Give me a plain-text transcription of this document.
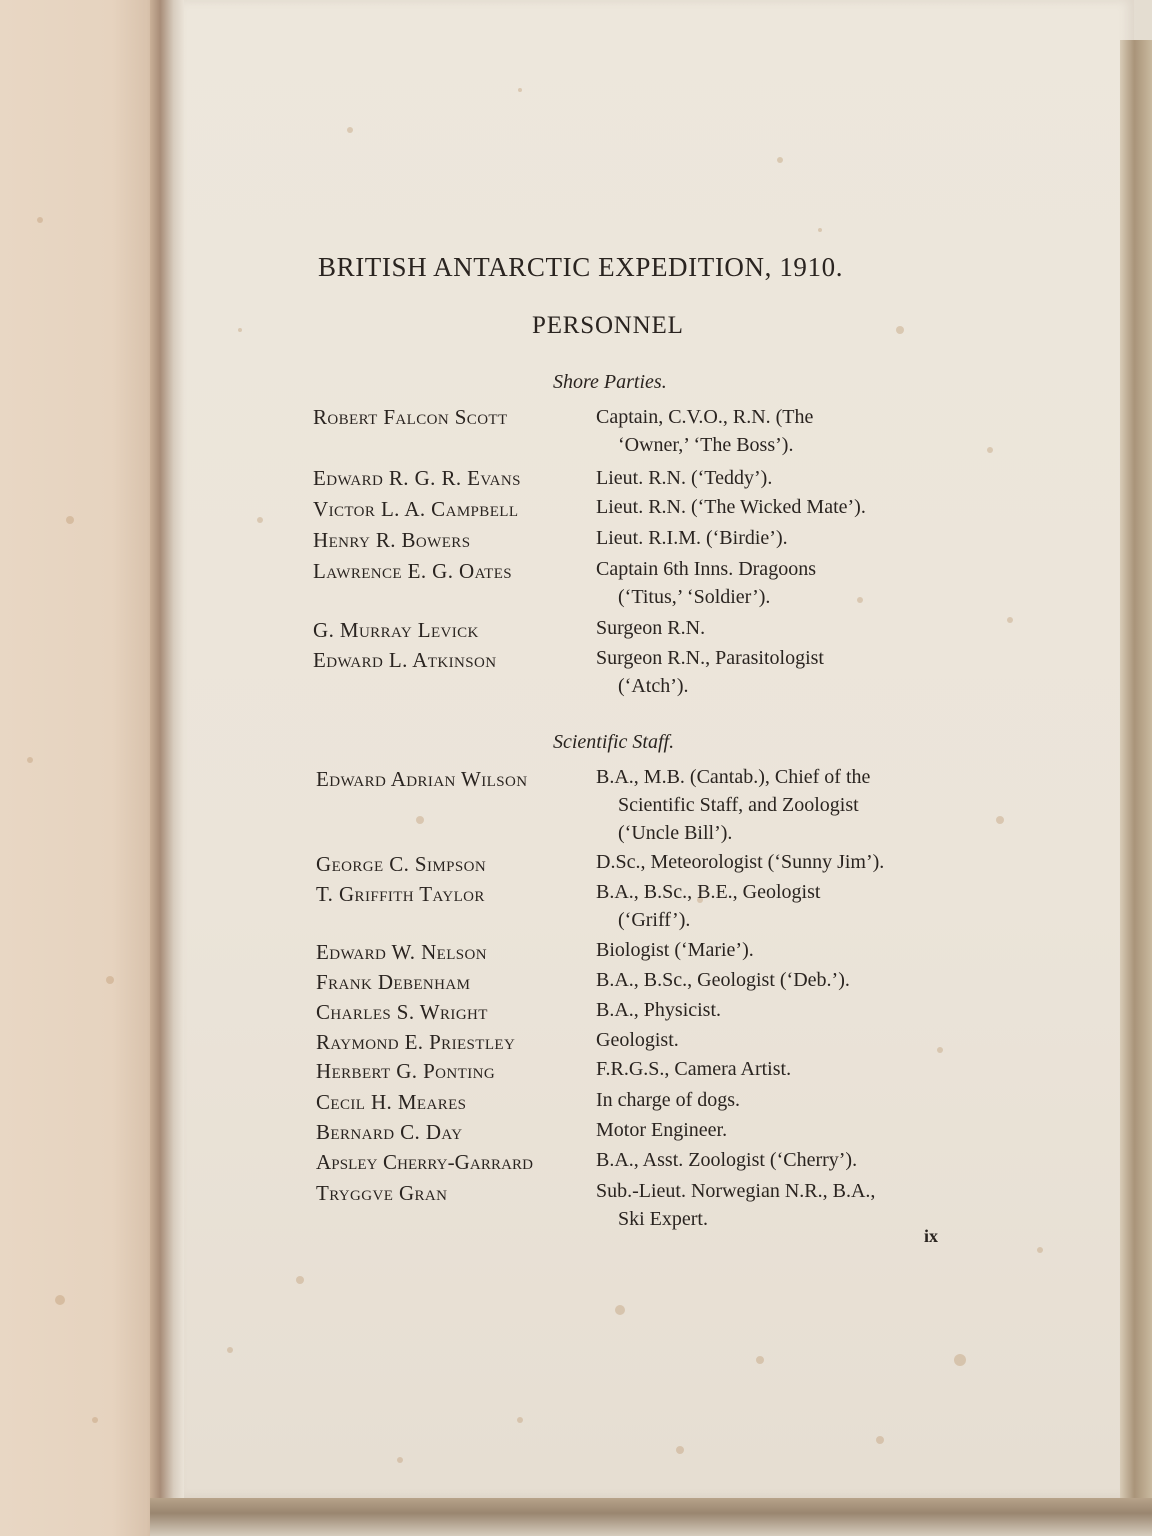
BRITISH ANTARCTIC EXPEDITION, 1910.
PERSONNEL
Shore Parties.
Robert Falcon Scott	Captain, C.V.O., R.N. (The
‘Owner,’ ‘The Boss’).
Edward R. G. R. Evans	Lieut. R.N. (‘Teddy’).
Victor L. A. Campbell	Lieut. R.N. (‘The Wicked Mate’).
Henry R. Bowers	Lieut. R.I.M. (‘Birdie’).
Lawrence E. G. Oates	Captain 6th Inns. Dragoons
(‘Titus,’ ‘Soldier’).
G. Murray Levick	Surgeon R.N.
Edward L. Atkinson	Surgeon R.N., Parasitologist
(‘Atch’).
Scientific Staff.
Edward Adrian Wilson	B.A., M.B. (Cantab.), Chief of the
Scientific Staff, and Zoologist
(‘Uncle Bill’).
George C. Simpson	D.Sc., Meteorologist (‘Sunny Jim’).
T. Griffith Taylor	B.A., B.Sc., B.E., Geologist
(‘Griff’).
Edward W. Nelson	Biologist (‘Marie’).
Frank Debenham	B.A., B.Sc., Geologist (‘Deb.’).
Charles S. Wright	B.A., Physicist.
Raymond E. Priestley	Geologist.
Herbert G. Ponting	F.R.G.S., Camera Artist.
Cecil H. Meares	In charge of dogs.
Bernard C. Day	Motor Engineer.
Apsley Cherry-Garrard	B.A., Asst. Zoologist (‘Cherry’).
Tryggve Gran	Sub.-Lieut. Norwegian N.R., B.A.,
Ski Expert.
ix
